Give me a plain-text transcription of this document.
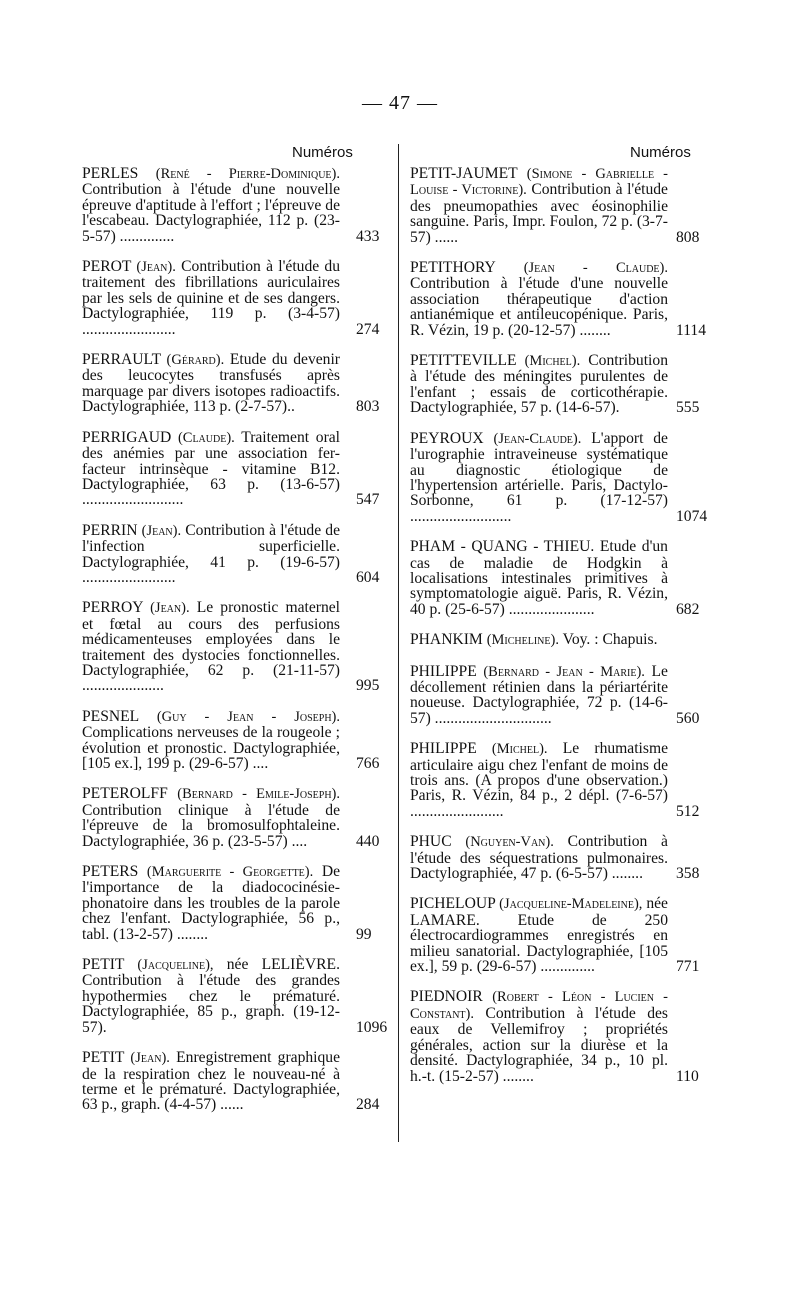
— 47 —
Numéros
PERLES (René - Pierre-Dominique). Contribution à l'étude d'une nouvelle épreuve d'aptitude à l'effort ; l'épreuve de l'escabeau. Dactylographiée, 112 p. (23-5-57) ..............	433
PEROT (Jean). Contribution à l'étude du traitement des fibrillations auriculaires par les sels de quinine et de ses dangers. Dactylographiée, 119 p. (3-4-57) ........................	274
PERRAULT (Gérard). Etude du devenir des leucocytes transfusés après marquage par divers isotopes radioactifs. Dactylographiée, 113 p. (2-7-57)..	803
PERRIGAUD (Claude). Traitement oral des anémies par une association fer-facteur intrinsèque - vitamine B12. Dactylographiée, 63 p. (13-6-57) ..........................	547
PERRIN (Jean). Contribution à l'étude de l'infection superficielle. Dactylographiée, 41 p. (19-6-57) ........................	604
PERROY (Jean). Le pronostic maternel et fœtal au cours des perfusions médicamenteuses employées dans le traitement des dystocies fonctionnelles. Dactylographiée, 62 p. (21-11-57) .....................	995
PESNEL (Guy - Jean - Joseph). Complications nerveuses de la rougeole ; évolution et pronostic. Dactylographiée, [105 ex.], 199 p. (29-6-57) ....	766
PETEROLFF (Bernard - Emile-Joseph). Contribution clinique à l'étude de l'épreuve de la bromosulfophtaleine. Dactylographiée, 36 p. (23-5-57) ....	440
PETERS (Marguerite - Georgette). De l'importance de la diadococinésie-phonatoire dans les troubles de la parole chez l'enfant. Dactylographiée, 56 p., tabl. (13-2-57) ........	99
PETIT (Jacqueline), née LELIÈVRE. Contribution à l'étude des grandes hypothermies chez le prématuré. Dactylographiée, 85 p., graph. (19-12-57).	1096
PETIT (Jean). Enregistrement graphique de la respiration chez le nouveau-né à terme et le prématuré. Dactylographiée, 63 p., graph. (4-4-57) ......	284
Numéros
PETIT-JAUMET (Simone - Gabrielle - Louise - Victorine). Contribution à l'étude des pneumopathies avec éosinophilie sanguine. Paris, Impr. Foulon, 72 p. (3-7-57) ......	808
PETITHORY (Jean - Claude). Contribution à l'étude d'une nouvelle association thérapeutique d'action antianémique et antileucopénique. Paris, R. Vézin, 19 p. (20-12-57) ........	1114
PETITTEVILLE (Michel). Contribution à l'étude des méningites purulentes de l'enfant ; essais de corticothérapie. Dactylographiée, 57 p. (14-6-57).	555
PEYROUX (Jean-Claude). L'apport de l'urographie intraveineuse systématique au diagnostic étiologique de l'hypertension artérielle. Paris, Dactylo-Sorbonne, 61 p. (17-12-57) ..........................	1074
PHAM - QUANG - THIEU. Etude d'un cas de maladie de Hodgkin à localisations intestinales primitives à symptomatologie aiguë. Paris, R. Vézin, 40 p. (25-6-57) ......................	682
PHANKIM (Micheline). Voy. : Chapuis.
PHILIPPE (Bernard - Jean - Marie). Le décollement rétinien dans la périartérite noueuse. Dactylographiée, 72 p. (14-6-57) ..............................	560
PHILIPPE (Michel). Le rhumatisme articulaire aigu chez l'enfant de moins de trois ans. (A propos d'une observation.) Paris, R. Vézin, 84 p., 2 dépl. (7-6-57) ........................	512
PHUC (Nguyen-Van). Contribution à l'étude des séquestrations pulmonaires. Dactylographiée, 47 p. (6-5-57) ........	358
PICHELOUP (Jacqueline-Madeleine), née LAMARE. Etude de 250 électrocardiogrammes enregistrés en milieu sanatorial. Dactylographiée, [105 ex.], 59 p. (29-6-57) ..............	771
PIEDNOIR (Robert - Léon - Lucien - Constant). Contribution à l'étude des eaux de Vellemifroy ; propriétés générales, action sur la diurèse et la densité. Dactylographiée, 34 p., 10 pl. h.-t. (15-2-57) ........	110
